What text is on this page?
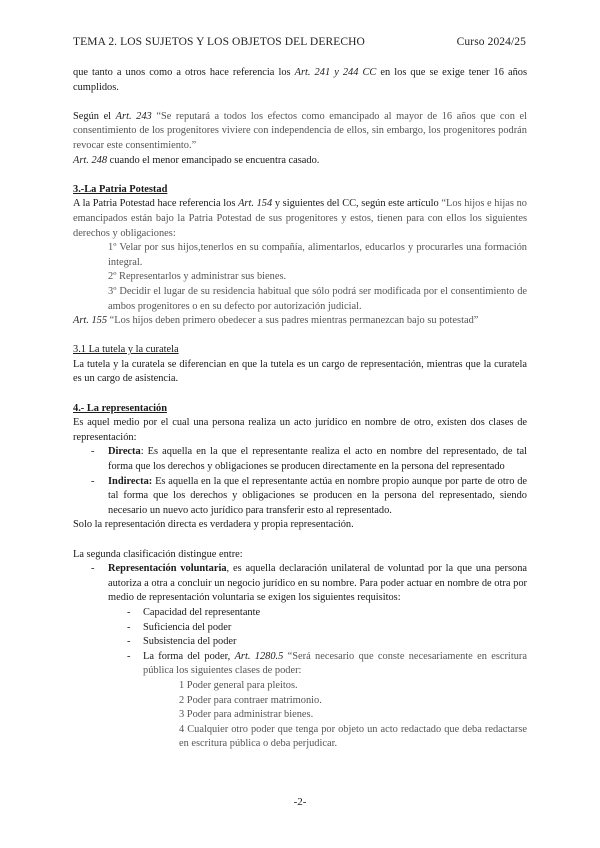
TEMA 2. LOS SUJETOS Y LOS OBJETOS DEL DERECHO	Curso 2024/25

que tanto a unos como a otros hace referencia los Art. 241 y 244 CC en los que se exige tener 16 años cumplidos.

Según el Art. 243 “Se reputará a todos los efectos como emancipado al mayor de 16 años que con el consentimiento de los progenitores viviere con independencia de ellos, sin embargo, los progenitores podrán revocar este consentimiento.”

Art. 248 cuando el menor emancipado se encuentra casado.

3.-La Patria Potestad

A la Patria Potestad hace referencia los Art. 154 y siguientes del CC, según este artículo “Los hijos e hijas no emancipados están bajo la Patria Potestad de sus progenitores y estos, tienen para con ellos los siguientes derechos y obligaciones:

1º Velar por sus hijos,tenerlos en su compañía, alimentarlos, educarlos y procurarles una formación integral.

2º Representarlos y administrar sus bienes.

3º Decidir el lugar de su residencia habitual que sólo podrá ser modificada por el consentimiento de ambos progenitores o en su defecto por autorización judicial.

Art. 155 “Los hijos deben primero obedecer a sus padres mientras permanezcan bajo su potestad”

3.1 La tutela y la curatela

La tutela y la curatela se diferencian en que la tutela es un cargo de representación, mientras que la curatela es un cargo de asistencia.

4.- La representación

Es aquel medio por el cual una persona realiza un acto jurídico en nombre de otro, existen dos clases de representación:

- Directa: Es aquella en la que el representante realiza el acto en nombre del representado, de tal forma que los derechos y obligaciones se producen directamente en la persona del representado

- Indirecta: Es aquella en la que el representante actúa en nombre propio aunque por parte de otro de tal forma que los derechos y obligaciones se producen en la persona del representado, siendo necesario un nuevo acto jurídico para transferir esto al representado.

Solo la representación directa es verdadera y propia representación.

La segunda clasificación distingue entre:

- Representación voluntaria, es aquella declaración unilateral de voluntad por la que una persona autoriza a otra a concluir un negocio jurídico en su nombre. Para poder actuar en nombre de otra por medio de representación voluntaria se exigen los siguientes requisitos:

- Capacidad del representante

- Suficiencia del poder

- Subsistencia del poder

- La forma del poder, Art. 1280.5 “Será necesario que conste necesariamente en escritura pública los siguientes clases de poder:

1 Poder general para pleitos.

2 Poder para contraer matrimonio.

3 Poder para administrar bienes.

4 Cualquier otro poder que tenga por objeto un acto redactado que deba redactarse en escritura pública o deba perjudicar.

-2-
